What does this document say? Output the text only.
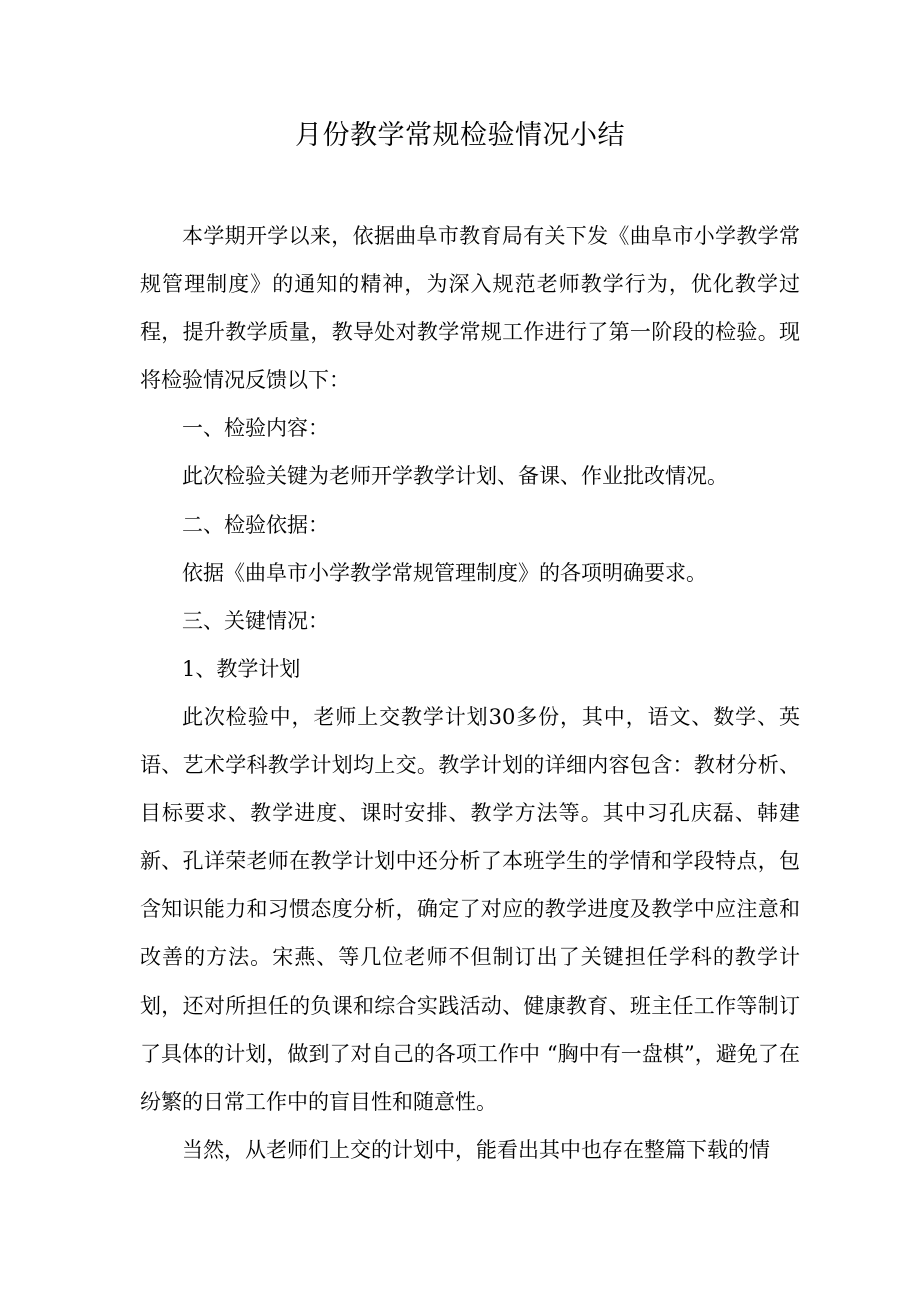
月份教学常规检验情况小结

本学期开学以来，依据曲阜市教育局有关下发《曲阜市小学教学常规管理制度》的通知的精神，为深入规范老师教学行为，优化教学过程，提升教学质量，教导处对教学常规工作进行了第一阶段的检验。现将检验情况反馈以下：

一、检验内容：

此次检验关键为老师开学教学计划、备课、作业批改情况。

二、检验依据：

依据《曲阜市小学教学常规管理制度》的各项明确要求。

三、关键情况：

1、教学计划

此次检验中，老师上交教学计划30多份，其中，语文、数学、英语、艺术学科教学计划均上交。教学计划的详细内容包含：教材分析、目标要求、教学进度、课时安排、教学方法等。其中习孔庆磊、韩建新、孔详荣老师在教学计划中还分析了本班学生的学情和学段特点，包含知识能力和习惯态度分析，确定了对应的教学进度及教学中应注意和改善的方法。宋燕、等几位老师不但制订出了关键担任学科的教学计划，还对所担任的负课和综合实践活动、健康教育、班主任工作等制订了具体的计划，做到了对自己的各项工作中 “胸中有一盘棋”，避免了在纷繁的日常工作中的盲目性和随意性。

当然，从老师们上交的计划中，能看出其中也存在整篇下载的情
